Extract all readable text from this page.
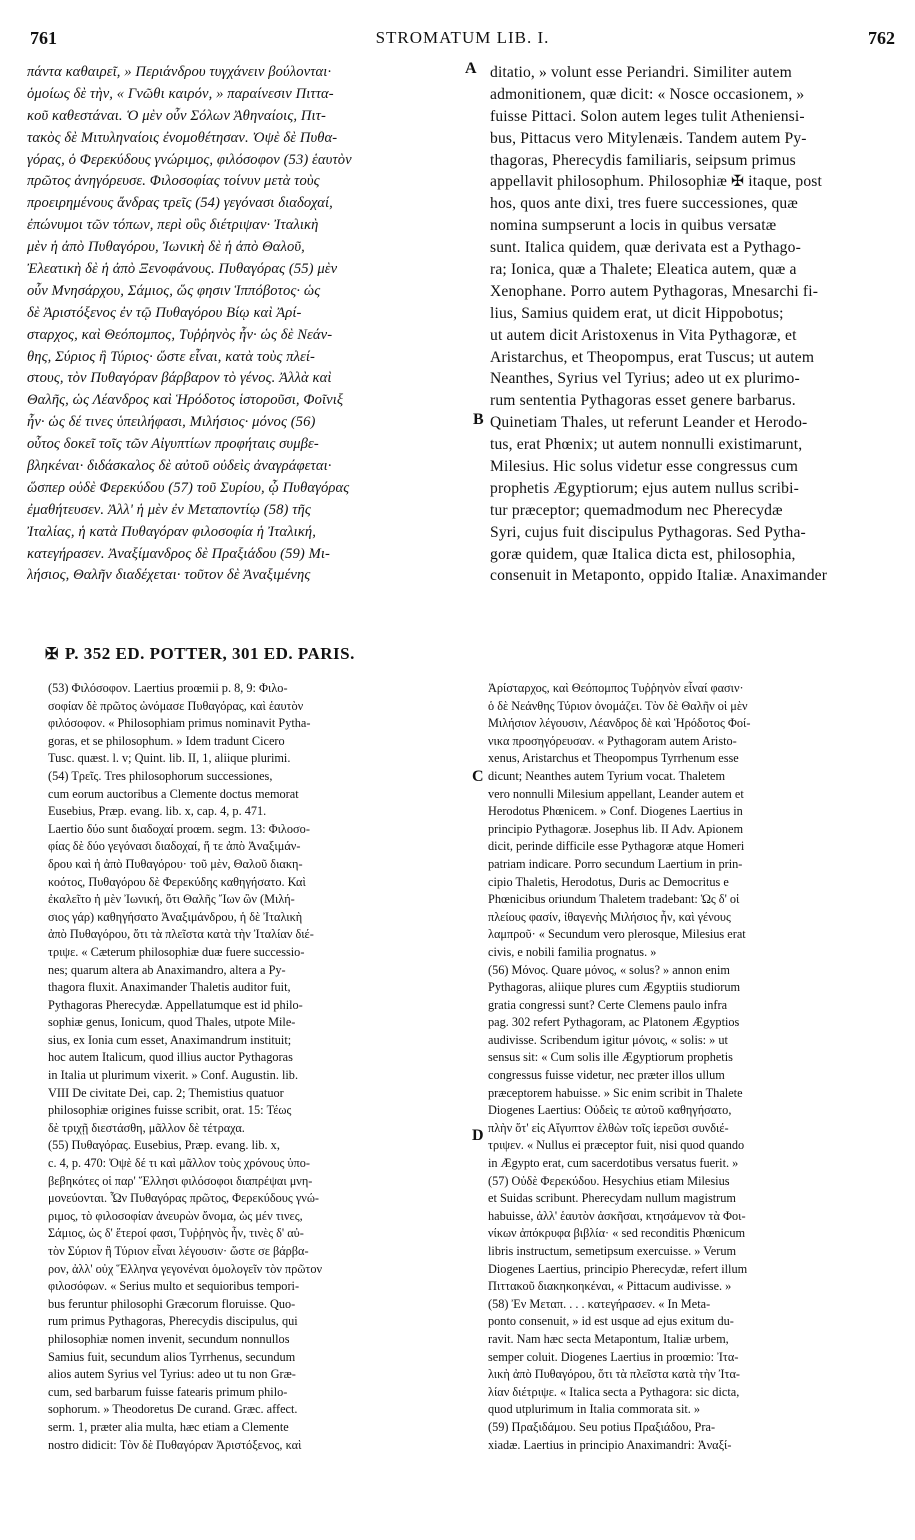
761	STROMATUM LIB. I.	762
πάντα καθαιρεῖ, » Περιάνδρου τυγχάνειν βούλονται·
ὁμοίως δὲ τὴν, « Γνῶθι καιρόν, » παραίνεσιν Πιττα-
κοῦ καθεστάναι. Ὁ μὲν οὖν Σόλων Ἀθηναίοις, Πιτ-
τακὸς δὲ Μιτυληναίοις ἐνομοθέτησαν. Ὀψὲ δὲ Πυθα-
γόρας, ὁ Φερεκύδους γνώριμος, φιλόσοφον (53) ἑαυτὸν
πρῶτος ἀνηγόρευσε. Φιλοσοφίας τοίνυν μετὰ τοὺς
προειρημένους ἄνδρας τρεῖς (54) γεγόνασι διαδοχαί,
ἐπώνυμοι τῶν τόπων, περὶ οὓς διέτριψαν· Ἰταλικὴ
μὲν ἡ ἀπὸ Πυθαγόρου, Ἰωνικὴ δὲ ἡ ἀπὸ Θαλοῦ,
Ἐλεατικὴ δὲ ἡ ἀπὸ Ξενοφάνους. Πυθαγόρας (55) μὲν
οὖν Μνησάρχου, Σάμιος, ὥς φησιν Ἱππόβοτος· ὡς
δὲ Ἀριστόξενος ἐν τῷ Πυθαγόρου Βίῳ καὶ Ἀρί-
σταρχος, καὶ Θεόπομπος, Τυῤῥηνὸς ἦν· ὡς δὲ Νεάν-
θης, Σύριος ἢ Τύριος· ὥστε εἶναι, κατὰ τοὺς πλεί-
στους, τὸν Πυθαγόραν βάρβαρον τὸ γένος. Ἀλλὰ καὶ
Θαλῆς, ὡς Λέανδρος καὶ Ἡρόδοτος ἱστοροῦσι, Φοῖνιξ
ἦν· ὡς δέ τινες ὑπειλήφασι, Μιλήσιος· μόνος (56)
οὗτος δοκεῖ τοῖς τῶν Αἰγυπτίων προφήταις συμβε-
βληκέναι· διδάσκαλος δὲ αὐτοῦ οὐδεὶς ἀναγράφεται·
ὥσπερ οὐδὲ Φερεκύδου (57) τοῦ Συρίου, ᾧ Πυθαγόρας
ἐμαθήτευσεν. Ἀλλ' ἡ μὲν ἐν Μεταποντίῳ (58) τῆς
Ἰταλίας, ἡ κατὰ Πυθαγόραν φιλοσοφία ἡ Ἰταλική,
κατεγήρασεν. Ἀναξίμανδρος δὲ Πραξιάδου (59) Μι-
λήσιος, Θαλῆν διαδέχεται· τοῦτον δὲ Ἀναξιμένης
ditatio, » volunt esse Periandri. Similiter autem
admonitionem, quæ dicit: « Nosce occasionem, »
fuisse Pittaci. Solon autem leges tulit Atheniensi-
bus, Pittacus vero Mitylenæis. Tandem autem Py-
thagoras, Pherecydis familiaris, seipsum primus
appellavit philosophum. Philosophiæ ✠ itaque, post
hos, quos ante dixi, tres fuere successiones, quæ
nomina sumpserunt a locis in quibus versatæ
sunt. Italica quidem, quæ derivata est a Pythago-
ra; Ionica, quæ a Thalete; Eleatica autem, quæ a
Xenophane. Porro autem Pythagoras, Mnesarchi fi-
lius, Samius quidem erat, ut dicit Hippobotus;
ut autem dicit Aristoxenus in Vita Pythagoræ, et
Aristarchus, et Theopompus, erat Tuscus; ut autem
Neanthes, Syrius vel Tyrius; adeo ut ex plurimo-
rum sententia Pythagoras esset genere barbarus.
Quinetiam Thales, ut referunt Leander et Herodo-
tus, erat Phœnix; ut autem nonnulli existimarunt,
Milesius. Hic solus videtur esse congressus cum
prophetis Ægyptiorum; ejus autem nullus scribi-
tur præceptor; quemadmodum nec Pherecydæ
Syri, cujus fuit discipulus Pythagoras. Sed Pytha-
goræ quidem, quæ Italica dicta est, philosophia,
consenuit in Metaponto, oppido Italiæ. Anaximander
A
B
✠ P. 352 ED. POTTER, 301 ED. PARIS.
(53) Φιλόσοφον. Laertius proœmii p. 8, 9: Φιλο-
σοφίαν δὲ πρῶτος ὠνόμασε Πυθαγόρας, καὶ ἑαυτὸν
φιλόσοφον. « Philosophiam primus nominavit Pytha-
goras, et se philosophum. » Idem tradunt Cicero
Tusc. quæst. l. v; Quint. lib. II, 1, aliique plurimi.
(54) Τρεῖς. Tres philosophorum successiones,
cum eorum auctoribus a Clemente doctus memorat
Eusebius, Præp. evang. lib. x, cap. 4, p. 471.
Laertio δύο sunt διαδοχαί proœm. segm. 13: Φιλοσο-
φίας δὲ δύο γεγόνασι διαδοχαί, ἥ τε ἀπὸ Ἀναξιμάν-
δρου καὶ ἡ ἀπὸ Πυθαγόρου· τοῦ μὲν, Θαλοῦ διακη-
κοότος, Πυθαγόρου δὲ Φερεκύδης καθηγήσατο. Καὶ
ἐκαλεῖτο ἡ μὲν Ἰωνική, ὅτι Θαλῆς Ἴων ὢν (Μιλή-
σιος γάρ) καθηγήσατο Ἀναξιμάνδρου, ἡ δὲ Ἰταλικὴ
ἀπὸ Πυθαγόρου, ὅτι τὰ πλεῖστα κατὰ τὴν Ἰταλίαν διέ-
τριψε. « Cæterum philosophiæ duæ fuere successio-
nes; quarum altera ab Anaximandro, altera a Py-
thagora fluxit. Anaximander Thaletis auditor fuit,
Pythagoras Pherecydæ. Appellatumque est id philo-
sophiæ genus, Ionicum, quod Thales, utpote Mile-
sius, ex Ionia cum esset, Anaximandrum instituit;
hoc autem Italicum, quod illius auctor Pythagoras
in Italia ut plurimum vixerit. » Conf. Augustin. lib.
VIII De civitate Dei, cap. 2; Themistius quatuor
philosophiæ origines fuisse scribit, orat. 15: Τέως
δὲ τριχῇ διεστάσθη, μᾶλλον δὲ τέτραχα.
(55) Πυθαγόρας. Eusebius, Præp. evang. lib. x,
c. 4, p. 470: Ὀψὲ δέ τι καὶ μᾶλλον τοὺς χρόνους ὑπο-
βεβηκότες οἱ παρ' Ἕλλησι φιλόσοφοι διαπρέψαι μνη-
μονεύονται. Ὧν Πυθαγόρας πρῶτος, Φερεκύδους γνώ-
ριμος, τὸ φιλοσοφίαν ἀνευρὼν ὄνομα, ὡς μέν τινες,
Σάμιος, ὡς δ' ἕτεροί φασι, Τυῤῥηνὸς ἦν, τινὲς δ' αὐ-
τὸν Σύριον ἢ Τύριον εἶναι λέγουσιν· ὥστε σε βάρβα-
ρον, ἀλλ' οὐχ Ἕλληνα γεγονέναι ὁμολογεῖν τὸν πρῶτον
φιλοσόφων. « Serius multo et sequioribus tempori-
bus feruntur philosophi Græcorum floruisse. Quo-
rum primus Pythagoras, Pherecydis discipulus, qui
philosophiæ nomen invenit, secundum nonnullos
Samius fuit, secundum alios Tyrrhenus, secundum
alios autem Syrius vel Tyrius: adeo ut tu non Græ-
cum, sed barbarum fuisse fatearis primum philo-
sophorum. » Theodoretus De curand. Græc. affect.
serm. 1, præter alia multa, hæc etiam a Clemente
nostro didicit: Τὸν δὲ Πυθαγόραν Ἀριστόξενος, καὶ
Ἀρίσταρχος, καὶ Θεόπομπος Τυῤῥηνὸν εἶναί φασιν·
ὁ δὲ Νεάνθης Τύριον ὀνομάζει. Τὸν δὲ Θαλῆν οἱ μὲν
Μιλήσιον λέγουσιν, Λέανδρος δὲ καὶ Ἡρόδοτος Φοί-
νικα προσηγόρευσαν. « Pythagoram autem Aristo-
xenus, Aristarchus et Theopompus Tyrrhenum esse
dicunt; Neanthes autem Tyrium vocat. Thaletem
vero nonnulli Milesium appellant, Leander autem et
Herodotus Phœnicem. » Conf. Diogenes Laertius in
principio Pythagoræ. Josephus lib. II Adv. Apionem
dicit, perinde difficile esse Pythagoræ atque Homeri
patriam indicare. Porro secundum Laertium in prin-
cipio Thaletis, Herodotus, Duris ac Democritus e
Phœnicibus oriundum Thaletem tradebant: Ὡς δ' οἱ
πλείους φασίν, ἰθαγενὴς Μιλήσιος ἦν, καὶ γένους
λαμπροῦ· « Secundum vero plerosque, Milesius erat
civis, e nobili familia prognatus. »
(56) Μόνος. Quare μόνος, « solus? » annon enim
Pythagoras, aliique plures cum Ægyptiis studiorum
gratia congressi sunt? Certe Clemens paulo infra
pag. 302 refert Pythagoram, ac Platonem Ægyptios
audivisse. Scribendum igitur μόνοις, « solis: » ut
sensus sit: « Cum solis ille Ægyptiorum prophetis
congressus fuisse videtur, nec præter illos ullum
præceptorem habuisse. » Sic enim scribit in Thalete
Diogenes Laertius: Οὐδεὶς τε αὐτοῦ καθηγήσατο,
πλὴν ὅτ' εἰς Αἴγυπτον ἐλθὼν τοῖς ἱερεῦσι συνδιέ-
τριψεν. « Nullus ei præceptor fuit, nisi quod quando
in Ægypto erat, cum sacerdotibus versatus fuerit. »
(57) Οὐδὲ Φερεκύδου. Hesychius etiam Milesius
et Suidas scribunt. Pherecydam nullum magistrum
habuisse, ἀλλ' ἑαυτὸν ἀσκῆσαι, κτησάμενον τὰ Φοι-
νίκων ἀπόκρυφα βιβλία· « sed reconditis Phœnicum
libris instructum, semetipsum exercuisse. » Verum
Diogenes Laertius, principio Pherecydæ, refert illum
Πιττακοῦ διακηκοηκέναι, « Pittacum audivisse. »
(58) Ἐν Μεταπ. . . . κατεγήρασεν. « In Meta-
ponto consenuit, » id est usque ad ejus exitum du-
ravit. Nam hæc secta Metapontum, Italiæ urbem,
semper coluit. Diogenes Laertius in proœmio: Ἰτα-
λικὴ ἀπὸ Πυθαγόρου, ὅτι τὰ πλεῖστα κατὰ τὴν Ἰτα-
λίαν διέτριψε. « Italica secta a Pythagora: sic dicta,
quod utplurimum in Italia commorata sit. »
(59) Πραξιδάμου. Seu potius Πραξιάδου, Pra-
xiadæ. Laertius in principio Anaximandri: Ἀναξί-
C
D
